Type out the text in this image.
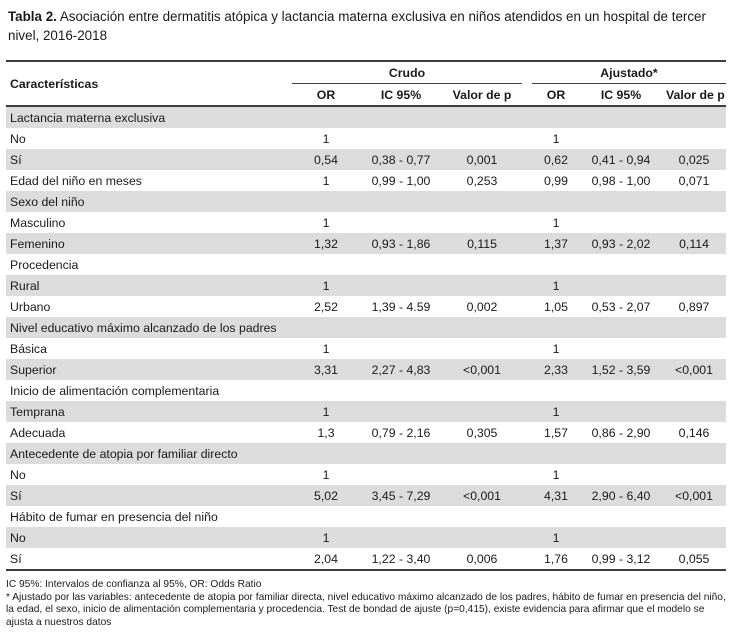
Tabla 2. Asociación entre dermatitis atópica y lactancia materna exclusiva en niños atendidos en un hospital de tercer nivel, 2016-2018
Características	Crudo				Ajustado*		
	OR	IC 95%	Valor de p		OR	IC 95%	Valor de p
Lactancia materna exclusiva							
No	1				1		
Sí	0,54	0,38 - 0,77	0,001		0,62	0,41 - 0,94	0,025
Edad del niño en meses	1	0,99 - 1,00	0,253		0,99	0,98 - 1,00	0,071
Sexo del niño							
Masculino	1				1		
Femenino	1,32	0,93 - 1,86	0,115		1,37	0,93 - 2,02	0,114
Procedencia							
Rural	1				1		
Urbano	2,52	1,39 - 4.59	0,002		1,05	0,53 - 2,07	0,897
Nivel educativo máximo alcanzado de los padres							
Básica	1				1		
Superior	3,31	2,27 - 4,83	<0,001		2,33	1,52 - 3,59	<0,001
Inicio de alimentación complementaria							
Temprana	1				1		
Adecuada	1,3	0,79 - 2,16	0,305		1,57	0,86 - 2,90	0,146
Antecedente de atopia por familiar directo							
No	1				1		
Sí	5,02	3,45 - 7,29	<0,001		4,31	2,90 - 6,40	<0,001
Hábito de fumar en presencia del niño							
No	1				1		
Sí	2,04	1,22 - 3,40	0,006		1,76	0,99 - 3,12	0,055

IC 95%: Intervalos de confianza al 95%, OR: Odds Ratio

* Ajustado por las variables: antecedente de atopia por familiar directa, nivel educativo máximo alcanzado de los padres, hábito de fumar en presencia del niño, la edad, el sexo, inicio de alimentación complementaria y procedencia. Test de bondad de ajuste (p=0,415), existe evidencia para afirmar que el modelo se ajusta a nuestros datos
